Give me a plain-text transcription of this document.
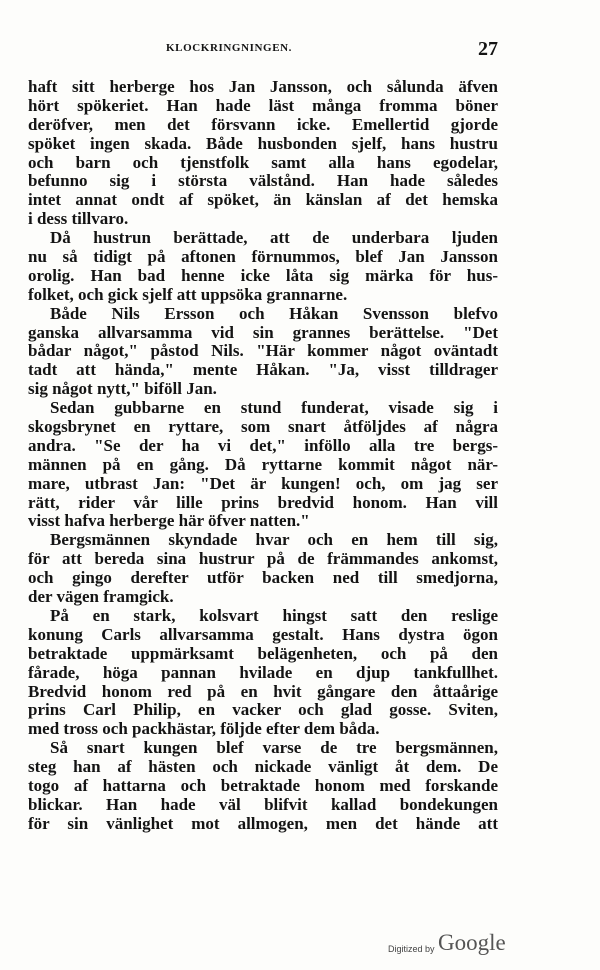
KLOCKRINGNINGEN.	27
haft sitt herberge hos Jan Jansson, och sålunda äfven
hört spökeriet. Han hade läst många fromma böner
deröfver, men det försvann icke. Emellertid gjorde
spöket ingen skada. Både husbonden sjelf, hans hustru
och barn och tjenstfolk samt alla hans egodelar,
befunno sig i största välstånd. Han hade således
intet annat ondt af spöket, än känslan af det hemska
i dess tillvaro.
Då hustrun berättade, att de underbara ljuden
nu så tidigt på aftonen förnummos, blef Jan Jansson
orolig. Han bad henne icke låta sig märka för hus-
folket, och gick sjelf att uppsöka grannarne.
Både Nils Ersson och Håkan Svensson blefvo
ganska allvarsamma vid sin grannes berättelse. "Det
bådar något," påstod Nils. "Här kommer något oväntadt
tadt att hända," mente Håkan. "Ja, visst tilldrager
sig något nytt," biföll Jan.
Sedan gubbarne en stund funderat, visade sig i
skogsbrynet en ryttare, som snart åtföljdes af några
andra. "Se der ha vi det," inföllo alla tre bergs-
männen på en gång. Då ryttarne kommit något när-
mare, utbrast Jan: "Det är kungen! och, om jag ser
rätt, rider vår lille prins bredvid honom. Han vill
visst hafva herberge här öfver natten."
Bergsmännen skyndade hvar och en hem till sig,
för att bereda sina hustrur på de främmandes ankomst,
och gingo derefter utför backen ned till smedjorna,
der vägen framgick.
På en stark, kolsvart hingst satt den reslige
konung Carls allvarsamma gestalt. Hans dystra ögon
betraktade uppmärksamt belägenheten, och på den
fårade, höga pannan hvilade en djup tankfullhet.
Bredvid honom red på en hvit gångare den åttaårige
prins Carl Philip, en vacker och glad gosse. Sviten,
med tross och packhästar, följde efter dem båda.
Så snart kungen blef varse de tre bergsmännen,
steg han af hästen och nickade vänligt åt dem. De
togo af hattarna och betraktade honom med forskande
blickar. Han hade väl blifvit kallad bondekungen
för sin vänlighet mot allmogen, men det hände att
Digitized by Google
